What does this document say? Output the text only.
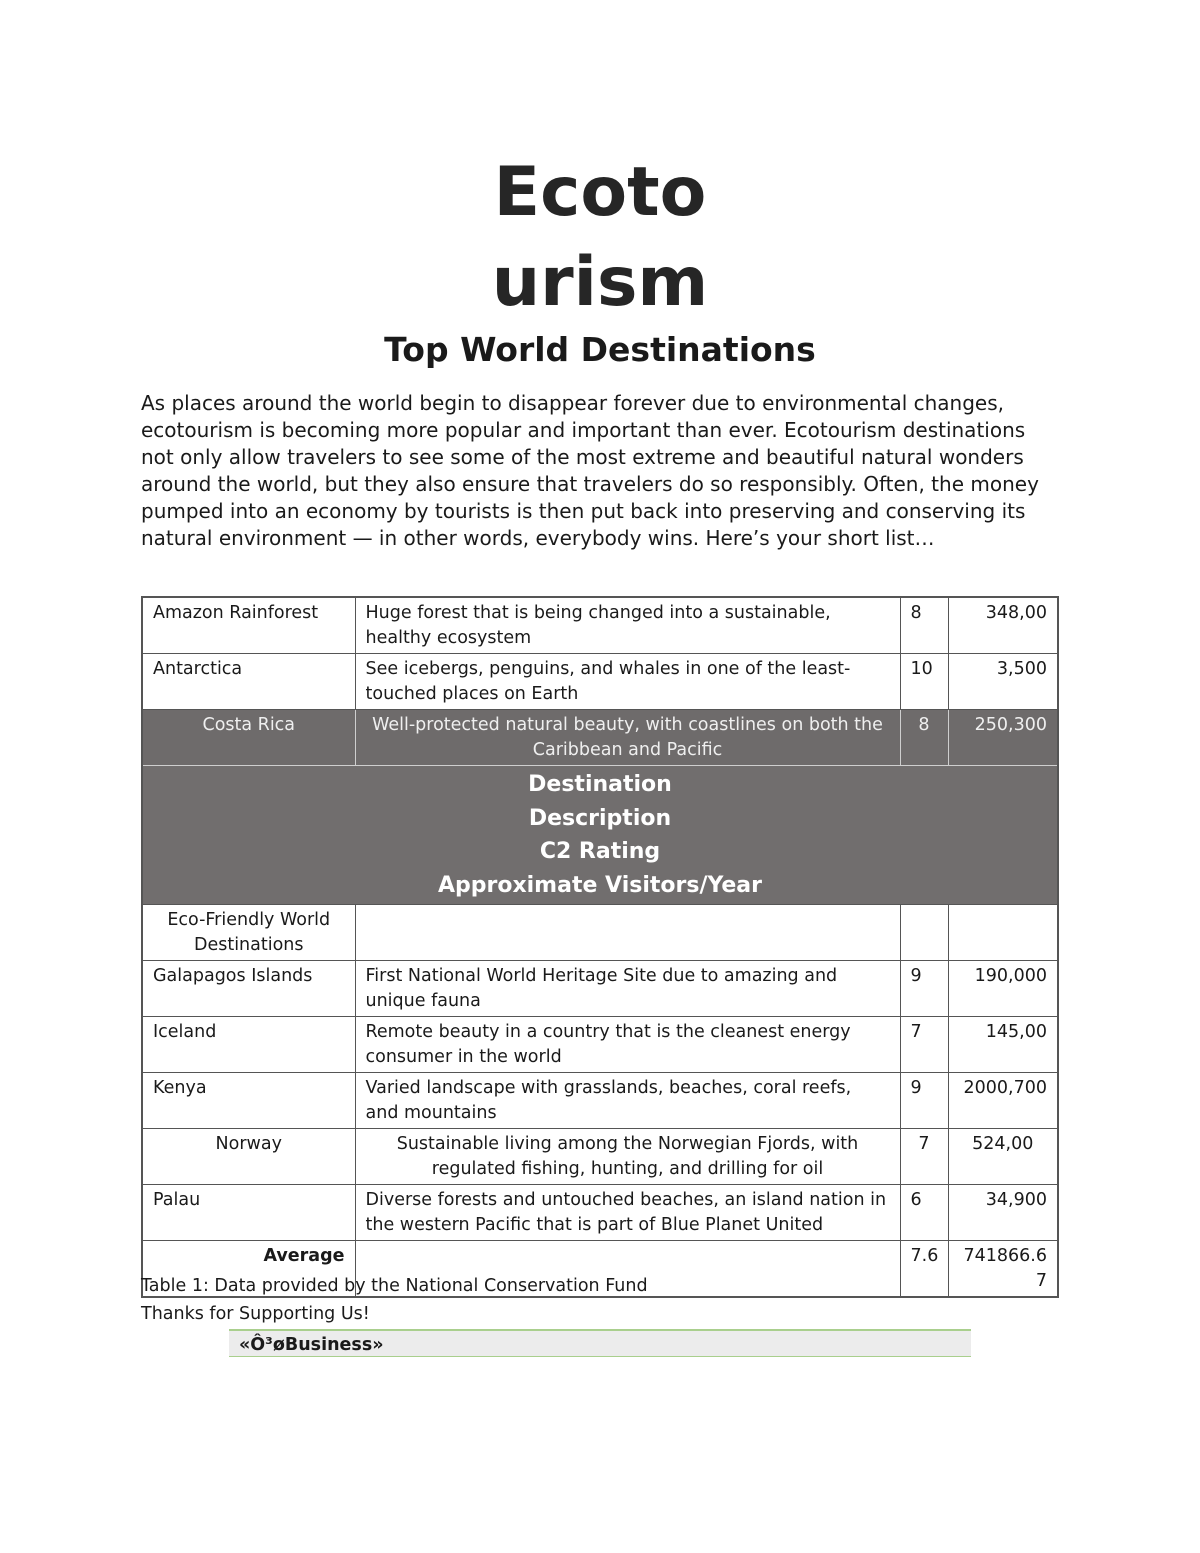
Ecoto
urism
Top World Destinations
As places around the world begin to disappear forever due to environmental changes, ecotourism is becoming more popular and important than ever. Ecotourism destinations not only allow travelers to see some of the most extreme and beautiful natural wonders around the world, but they also ensure that travelers do so responsibly. Often, the money pumped into an economy by tourists is then put back into preserving and conserving its natural environment — in other words, everybody wins. Here’s your short list…
Amazon Rainforest	Huge forest that is being changed into a sustainable, healthy ecosystem	8	348,00
Antarctica	See icebergs, penguins, and whales in one of the least-touched places on Earth	10	3,500
Costa Rica	Well-protected natural beauty, with coastlines on both the Caribbean and Pacific	8	250,300

Destination
Description
C2 Rating
Approximate Visitors/Year			

Eco-Friendly World Destinations			
Galapagos Islands	First National World Heritage Site due to amazing and unique fauna	9	190,000
Iceland	Remote beauty in a country that is the cleanest energy consumer in the world	7	145,00
Kenya	Varied landscape with grasslands, beaches, coral reefs, and mountains	9	2000,700
Norway	Sustainable living among the Norwegian Fjords, with regulated fishing, hunting, and drilling for oil	7	524,00
Palau	Diverse forests and untouched beaches, an island nation in the western Pacific that is part of Blue Planet United	6	34,900
Average		7.6	741866.67
Table 1: Data provided by the National Conservation Fund
Thanks for Supporting Us!
«Ô³øBusiness»
